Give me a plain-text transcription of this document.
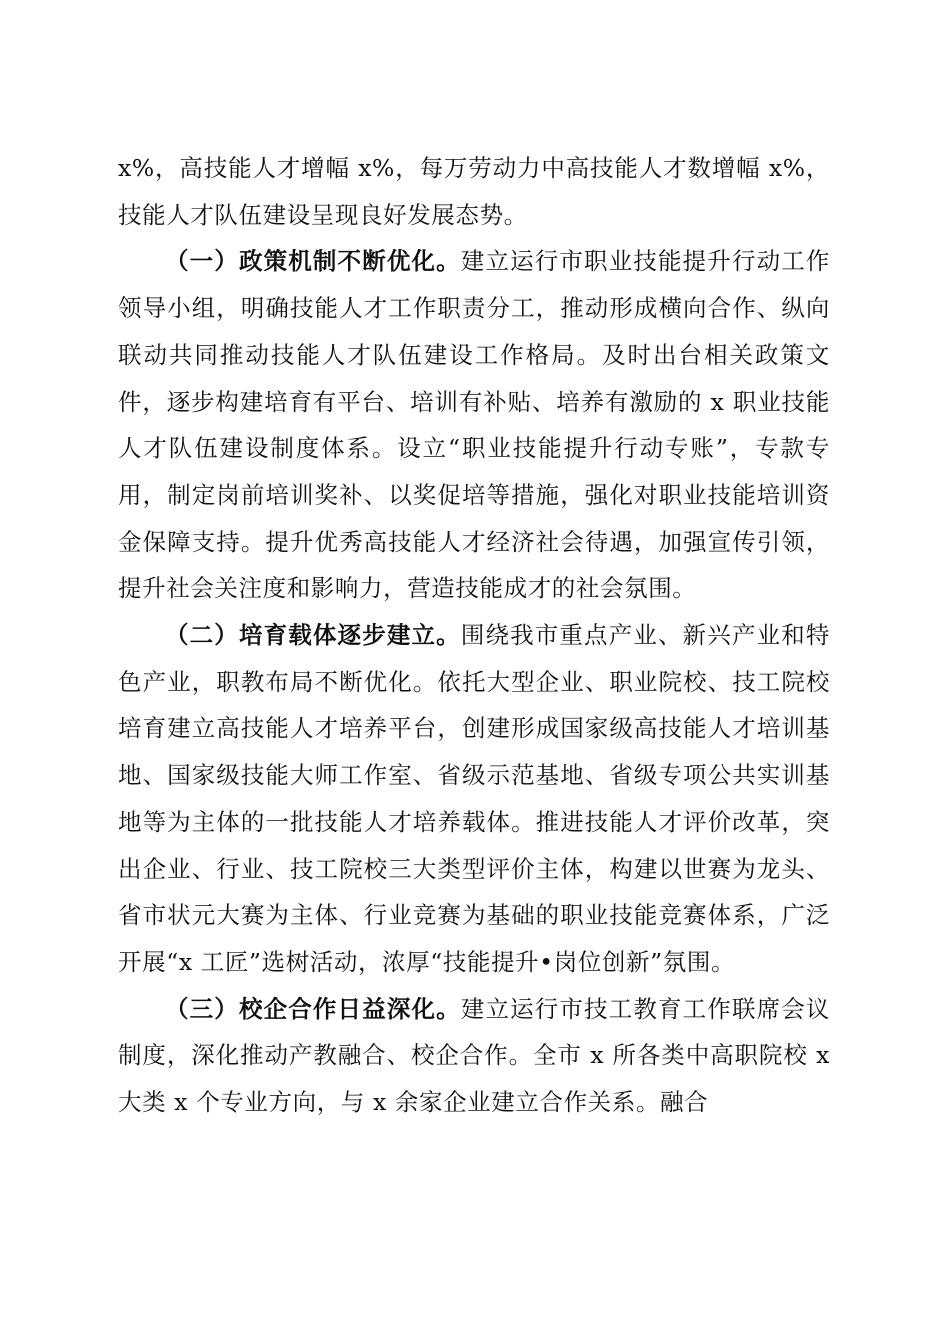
x%，高技能人才增幅 x%，每万劳动力中高技能人才数增幅 x%，技能人才队伍建设呈现良好发展态势。

（一）政策机制不断优化。建立运行市职业技能提升行动工作领导小组，明确技能人才工作职责分工，推动形成横向合作、纵向联动共同推动技能人才队伍建设工作格局。及时出台相关政策文件，逐步构建培育有平台、培训有补贴、培养有激励的 x 职业技能人才队伍建设制度体系。设立“职业技能提升行动专账”，专款专用，制定岗前培训奖补、以奖促培等措施，强化对职业技能培训资金保障支持。提升优秀高技能人才经济社会待遇，加强宣传引领，提升社会关注度和影响力，营造技能成才的社会氛围。

（二）培育载体逐步建立。围绕我市重点产业、新兴产业和特色产业，职教布局不断优化。依托大型企业、职业院校、技工院校培育建立高技能人才培养平台，创建形成国家级高技能人才培训基地、国家级技能大师工作室、省级示范基地、省级专项公共实训基地等为主体的一批技能人才培养载体。推进技能人才评价改革，突出企业、行业、技工院校三大类型评价主体，构建以世赛为龙头、省市状元大赛为主体、行业竞赛为基础的职业技能竞赛体系，广泛开展“x 工匠”选树活动，浓厚“技能提升•岗位创新”氛围。

（三）校企合作日益深化。建立运行市技工教育工作联席会议制度，深化推动产教融合、校企合作。全市 x 所各类中高职院校 x 大类 x 个专业方向，与 x 余家企业建立合作关系。融合
